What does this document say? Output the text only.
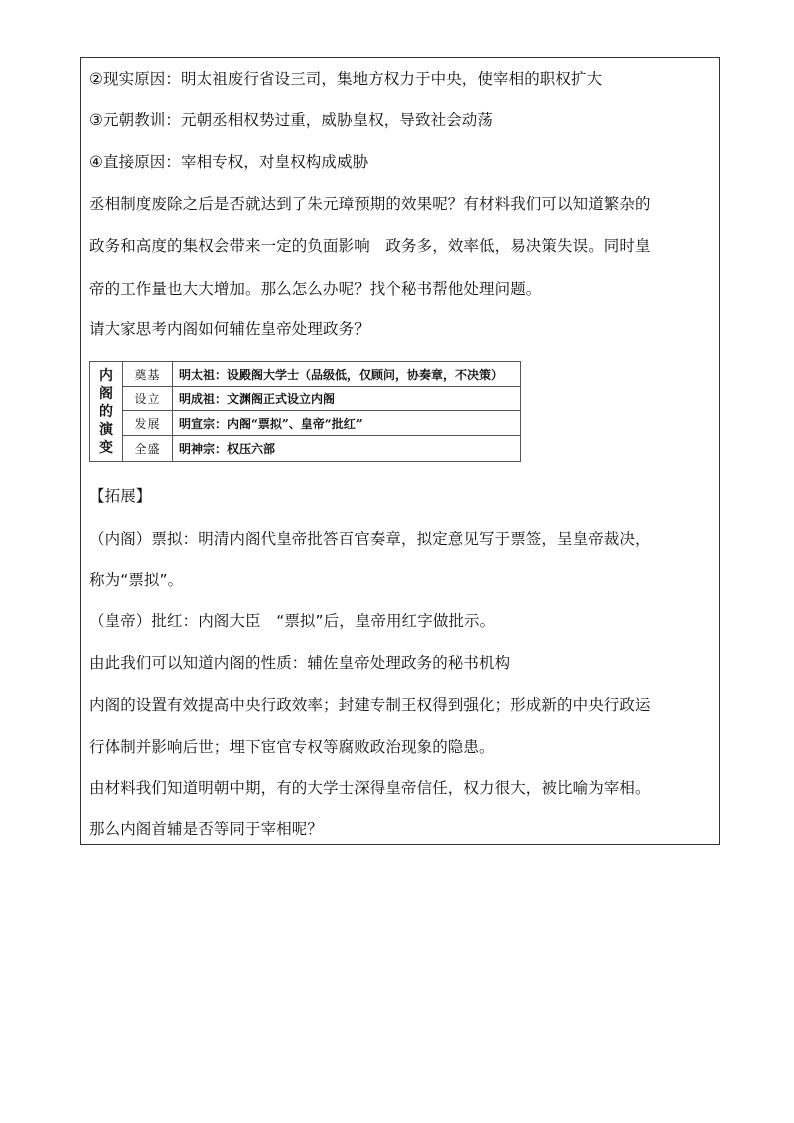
②现实原因：明太祖废行省设三司，集地方权力于中央，使宰相的职权扩大
③元朝教训：元朝丞相权势过重，威胁皇权，导致社会动荡
④直接原因：宰相专权，对皇权构成威胁
丞相制度废除之后是否就达到了朱元璋预期的效果呢？有材料我们可以知道繁杂的
政务和高度的集权会带来一定的负面影响　政务多，效率低，易决策失误。同时皇
帝的工作量也大大增加。那么怎么办呢？找个秘书帮他处理问题。
请大家思考内阁如何辅佐皇帝处理政务？
内
阁
的
演
变
奠基	明太祖：设殿阁大学士（品级低，仅顾问，协奏章，不决策）
设立	明成祖：文渊阁正式设立内阁
发展	明宣宗：内阁“票拟”、皇帝“批红”
全盛	明神宗：权压六部
【拓展】
（内阁）票拟：明清内阁代皇帝批答百官奏章，拟定意见写于票签，呈皇帝裁决，
称为“票拟”。
（皇帝）批红：内阁大臣　“票拟”后，皇帝用红字做批示。
由此我们可以知道内阁的性质：辅佐皇帝处理政务的秘书机构
内阁的设置有效提高中央行政效率；封建专制王权得到强化；形成新的中央行政运
行体制并影响后世；埋下宦官专权等腐败政治现象的隐患。
由材料我们知道明朝中期，有的大学士深得皇帝信任，权力很大，被比喻为宰相。
那么内阁首辅是否等同于宰相呢？
